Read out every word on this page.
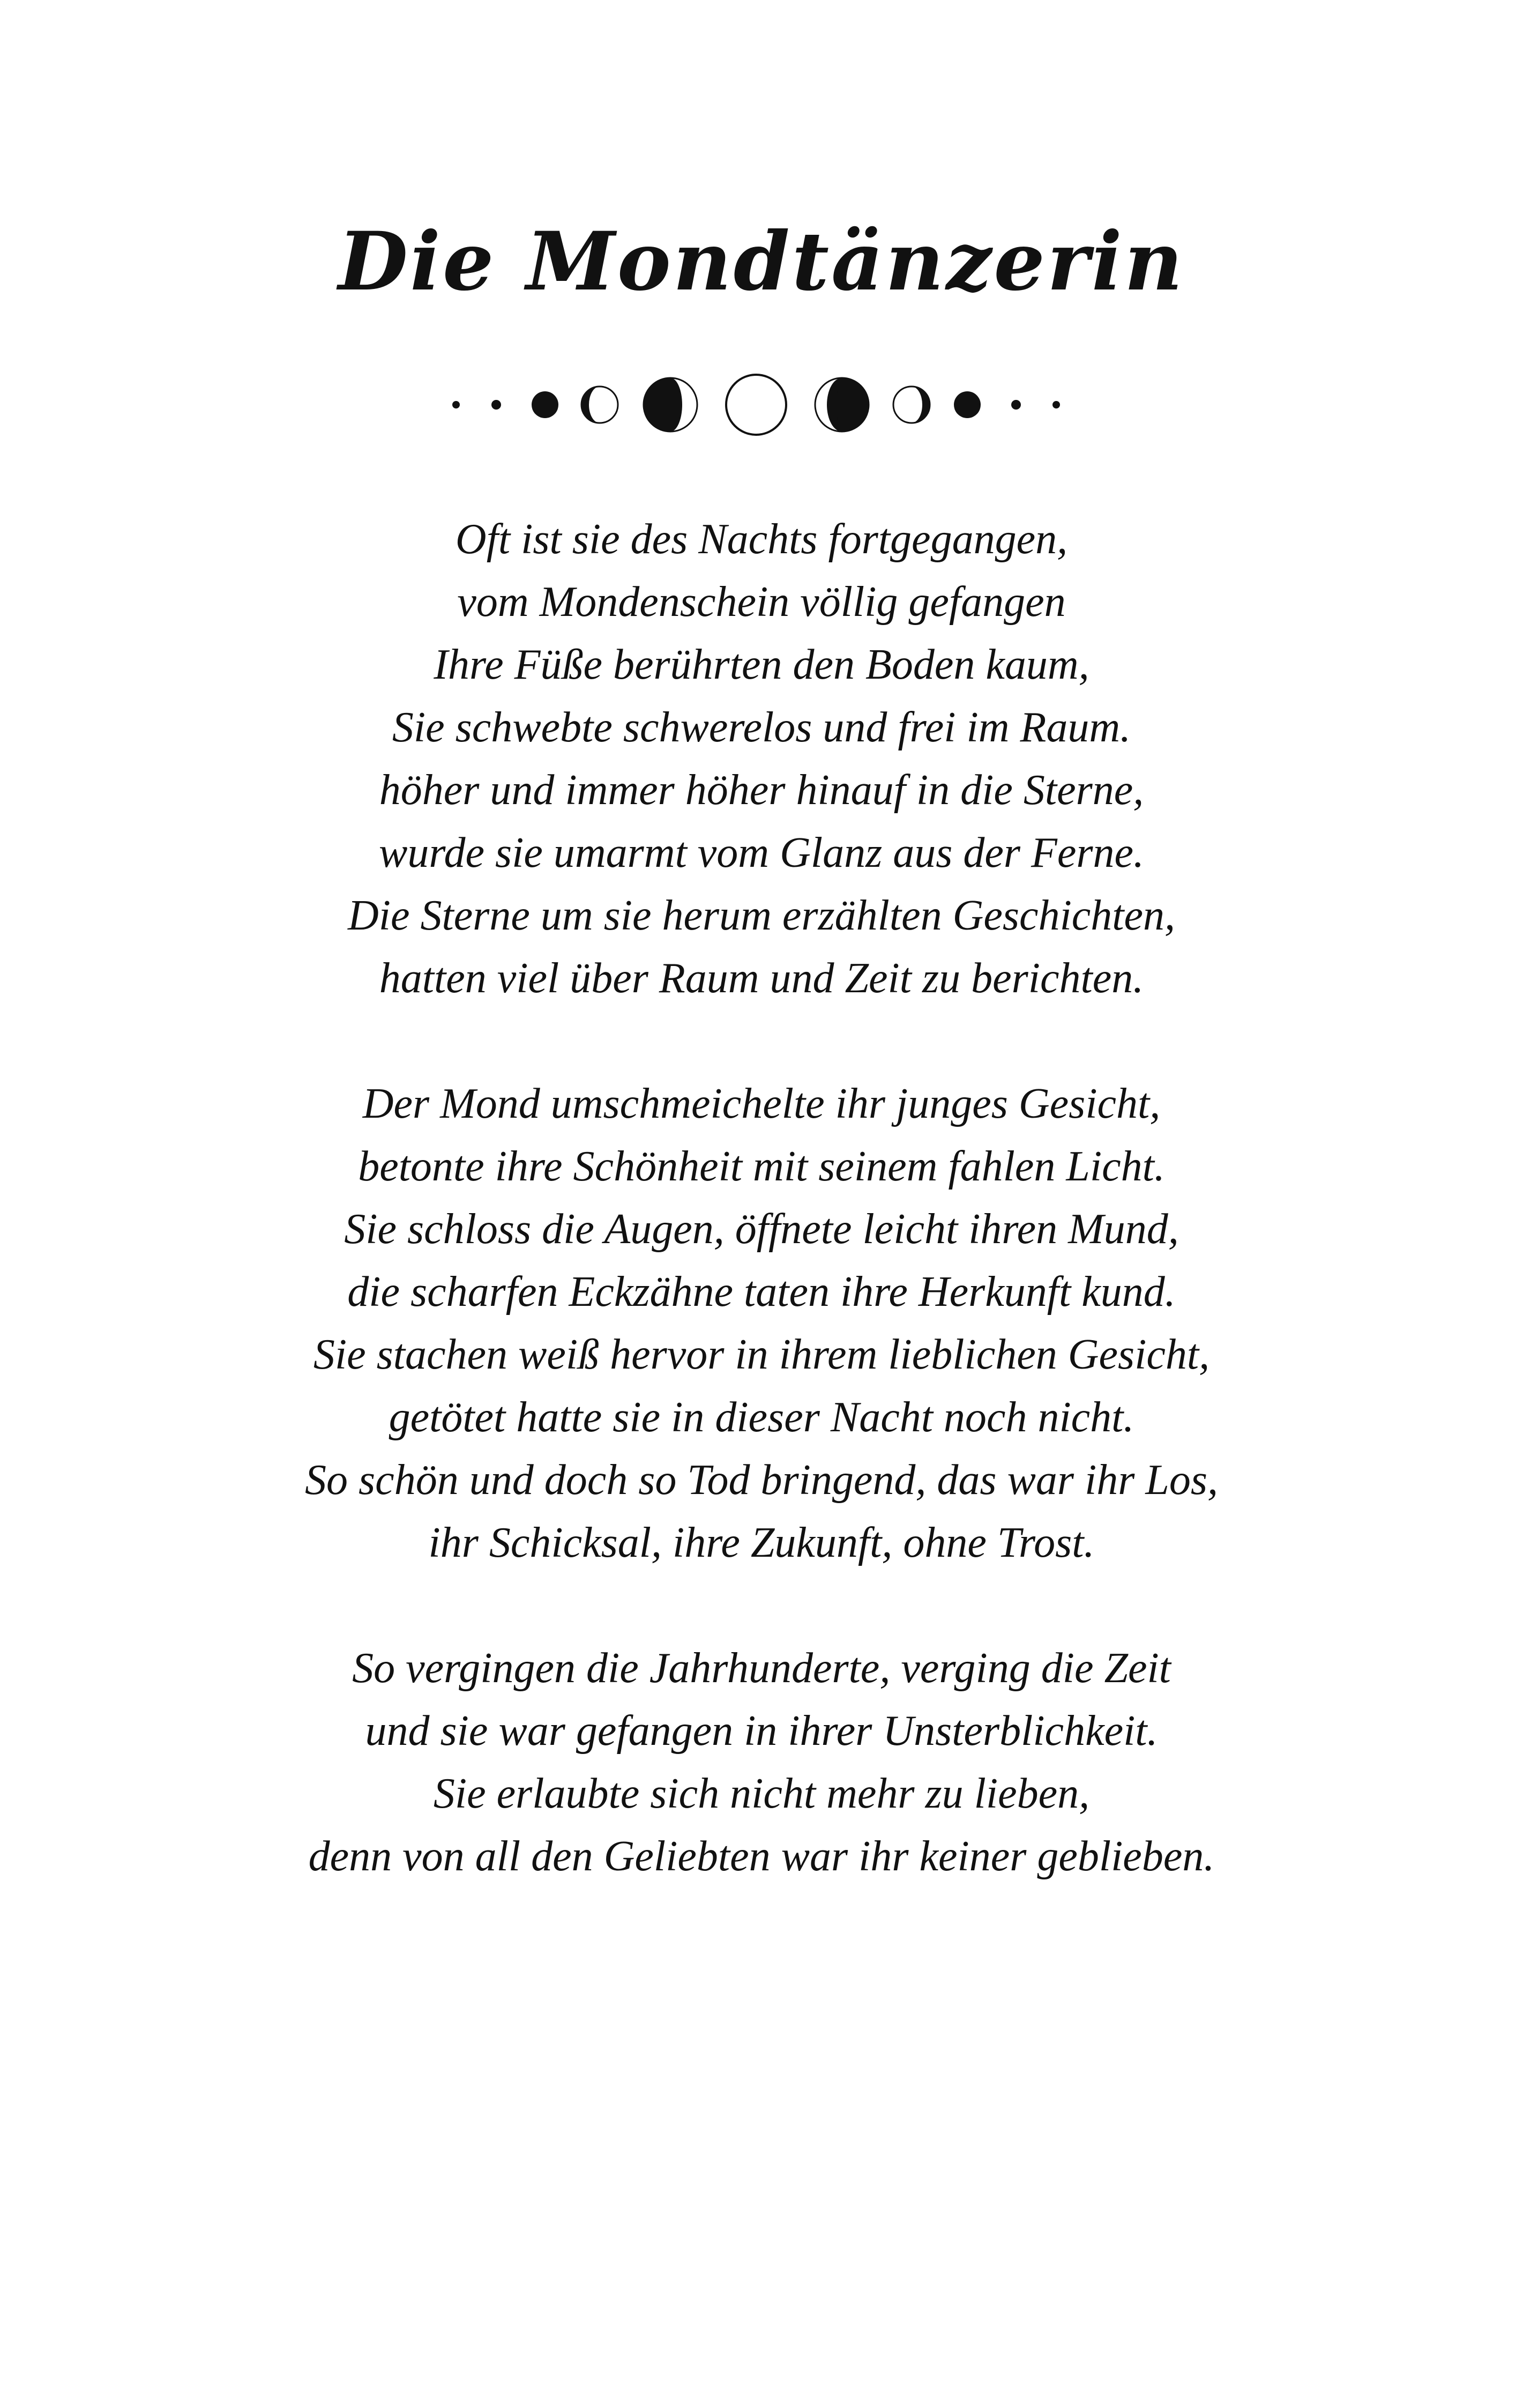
Die Mondtänzerin
Oft ist sie des Nachts fortgegangen,
vom Mondenschein völlig gefangen
Ihre Füße berührten den Boden kaum,
Sie schwebte schwerelos und frei im Raum.
höher und immer höher hinauf in die Sterne,
wurde sie umarmt vom Glanz aus der Ferne.
Die Sterne um sie herum erzählten Geschichten,
hatten viel über Raum und Zeit zu berichten.
Der Mond umschmeichelte ihr junges Gesicht,
betonte ihre Schönheit mit seinem fahlen Licht.
Sie schloss die Augen, öffnete leicht ihren Mund,
die scharfen Eckzähne taten ihre Herkunft kund.
Sie stachen weiß hervor in ihrem lieblichen Gesicht,
getötet hatte sie in dieser Nacht noch nicht.
So schön und doch so Tod bringend, das war ihr Los,
ihr Schicksal, ihre Zukunft, ohne Trost.
So vergingen die Jahrhunderte, verging die Zeit
und sie war gefangen in ihrer Unsterblichkeit.
Sie erlaubte sich nicht mehr zu lieben,
denn von all den Geliebten war ihr keiner geblieben.
